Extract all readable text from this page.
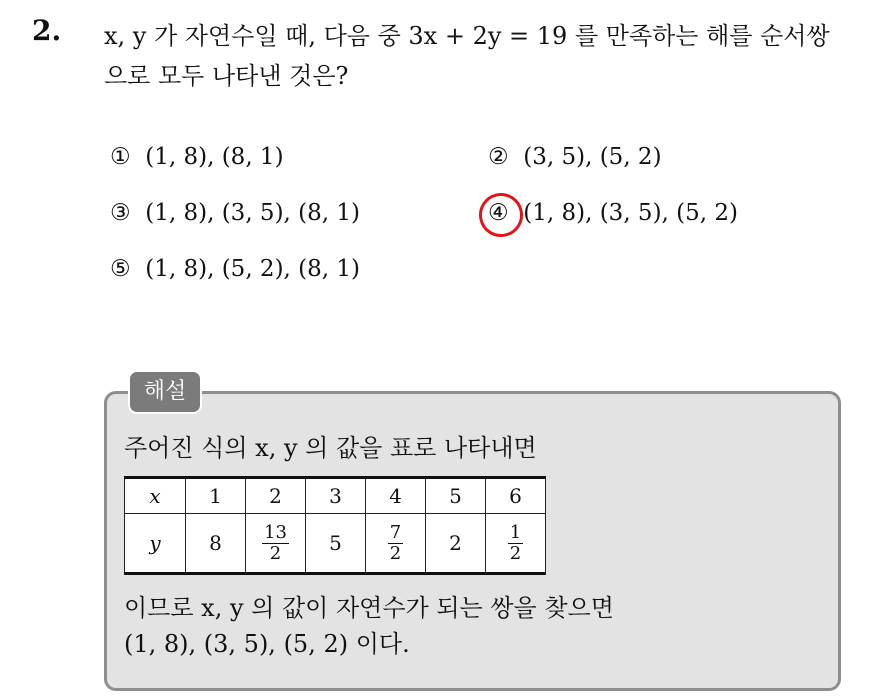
2. x, y 가 자연수일 때, 다음 중 3x + 2y = 19 를 만족하는 해를 순서쌍
으로 모두 나타낸 것은?
① (1, 8), (8, 1)	② (3, 5), (5, 2)
③ (1, 8), (3, 5), (8, 1)	④ (1, 8), (3, 5), (5, 2)
⑤ (1, 8), (5, 2), (8, 1)
해설
주어진 식의 x, y 의 값을 표로 나타내면
x	1	2	3	4	5	6
y	8	$\frac{13}{2}$	5	$\frac{7}{2}$	2	$\frac{1}{2}$
이므로 x, y 의 값이 자연수가 되는 쌍을 찾으면
(1, 8), (3, 5), (5, 2) 이다.
